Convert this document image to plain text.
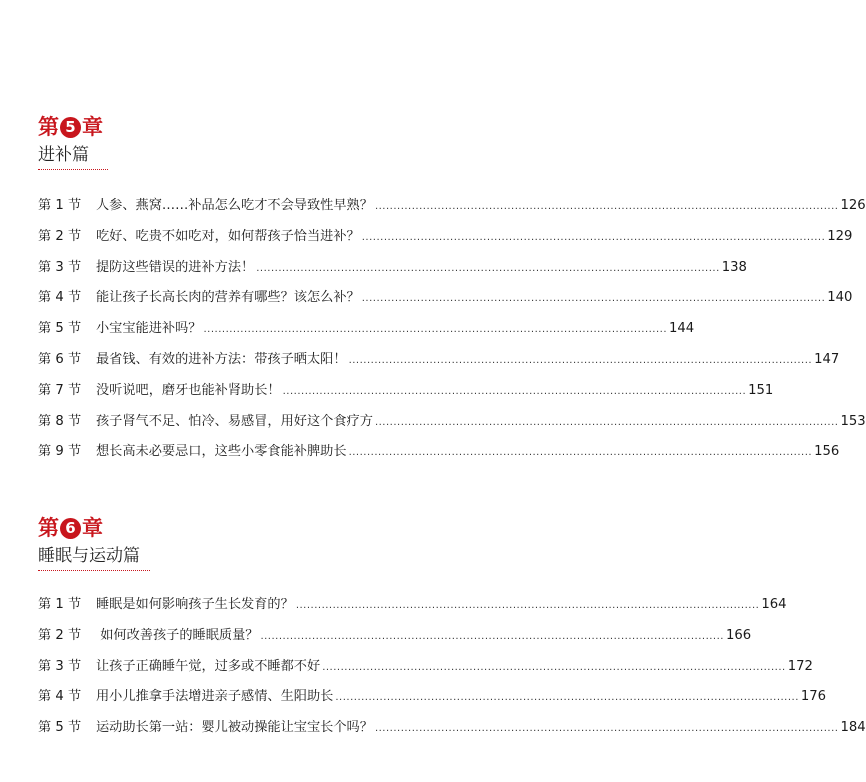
第 5 章
进补篇
第 1 节	人参、燕窝……补品怎么吃才不会导致性早熟？ .............................................................................................................................. 126
第 2 节	吃好、吃贵不如吃对，如何帮孩子恰当进补？ .............................................................................................................................. 129
第 3 节	提防这些错误的进补方法！ .............................................................................................................................. 138
第 4 节	能让孩子长高长肉的营养有哪些？该怎么补？ .............................................................................................................................. 140
第 5 节	小宝宝能进补吗？ .............................................................................................................................. 144
第 6 节	最省钱、有效的进补方法：带孩子晒太阳！ .............................................................................................................................. 147
第 7 节	没听说吧，磨牙也能补肾助长！ .............................................................................................................................. 151
第 8 节	孩子肾气不足、怕冷、易感冒，用好这个食疗方 .............................................................................................................................. 153
第 9 节	想长高未必要忌口，这些小零食能补脾助长 .............................................................................................................................. 156
第 6 章
睡眠与运动篇
第 1 节	睡眠是如何影响孩子生长发育的？ .............................................................................................................................. 164
第 2 节	如何改善孩子的睡眠质量？ .............................................................................................................................. 166
第 3 节	让孩子正确睡午觉，过多或不睡都不好 .............................................................................................................................. 172
第 4 节	用小儿推拿手法增进亲子感情、生阳助长 .............................................................................................................................. 176
第 5 节	运动助长第一站：婴儿被动操能让宝宝长个吗？ .............................................................................................................................. 184
